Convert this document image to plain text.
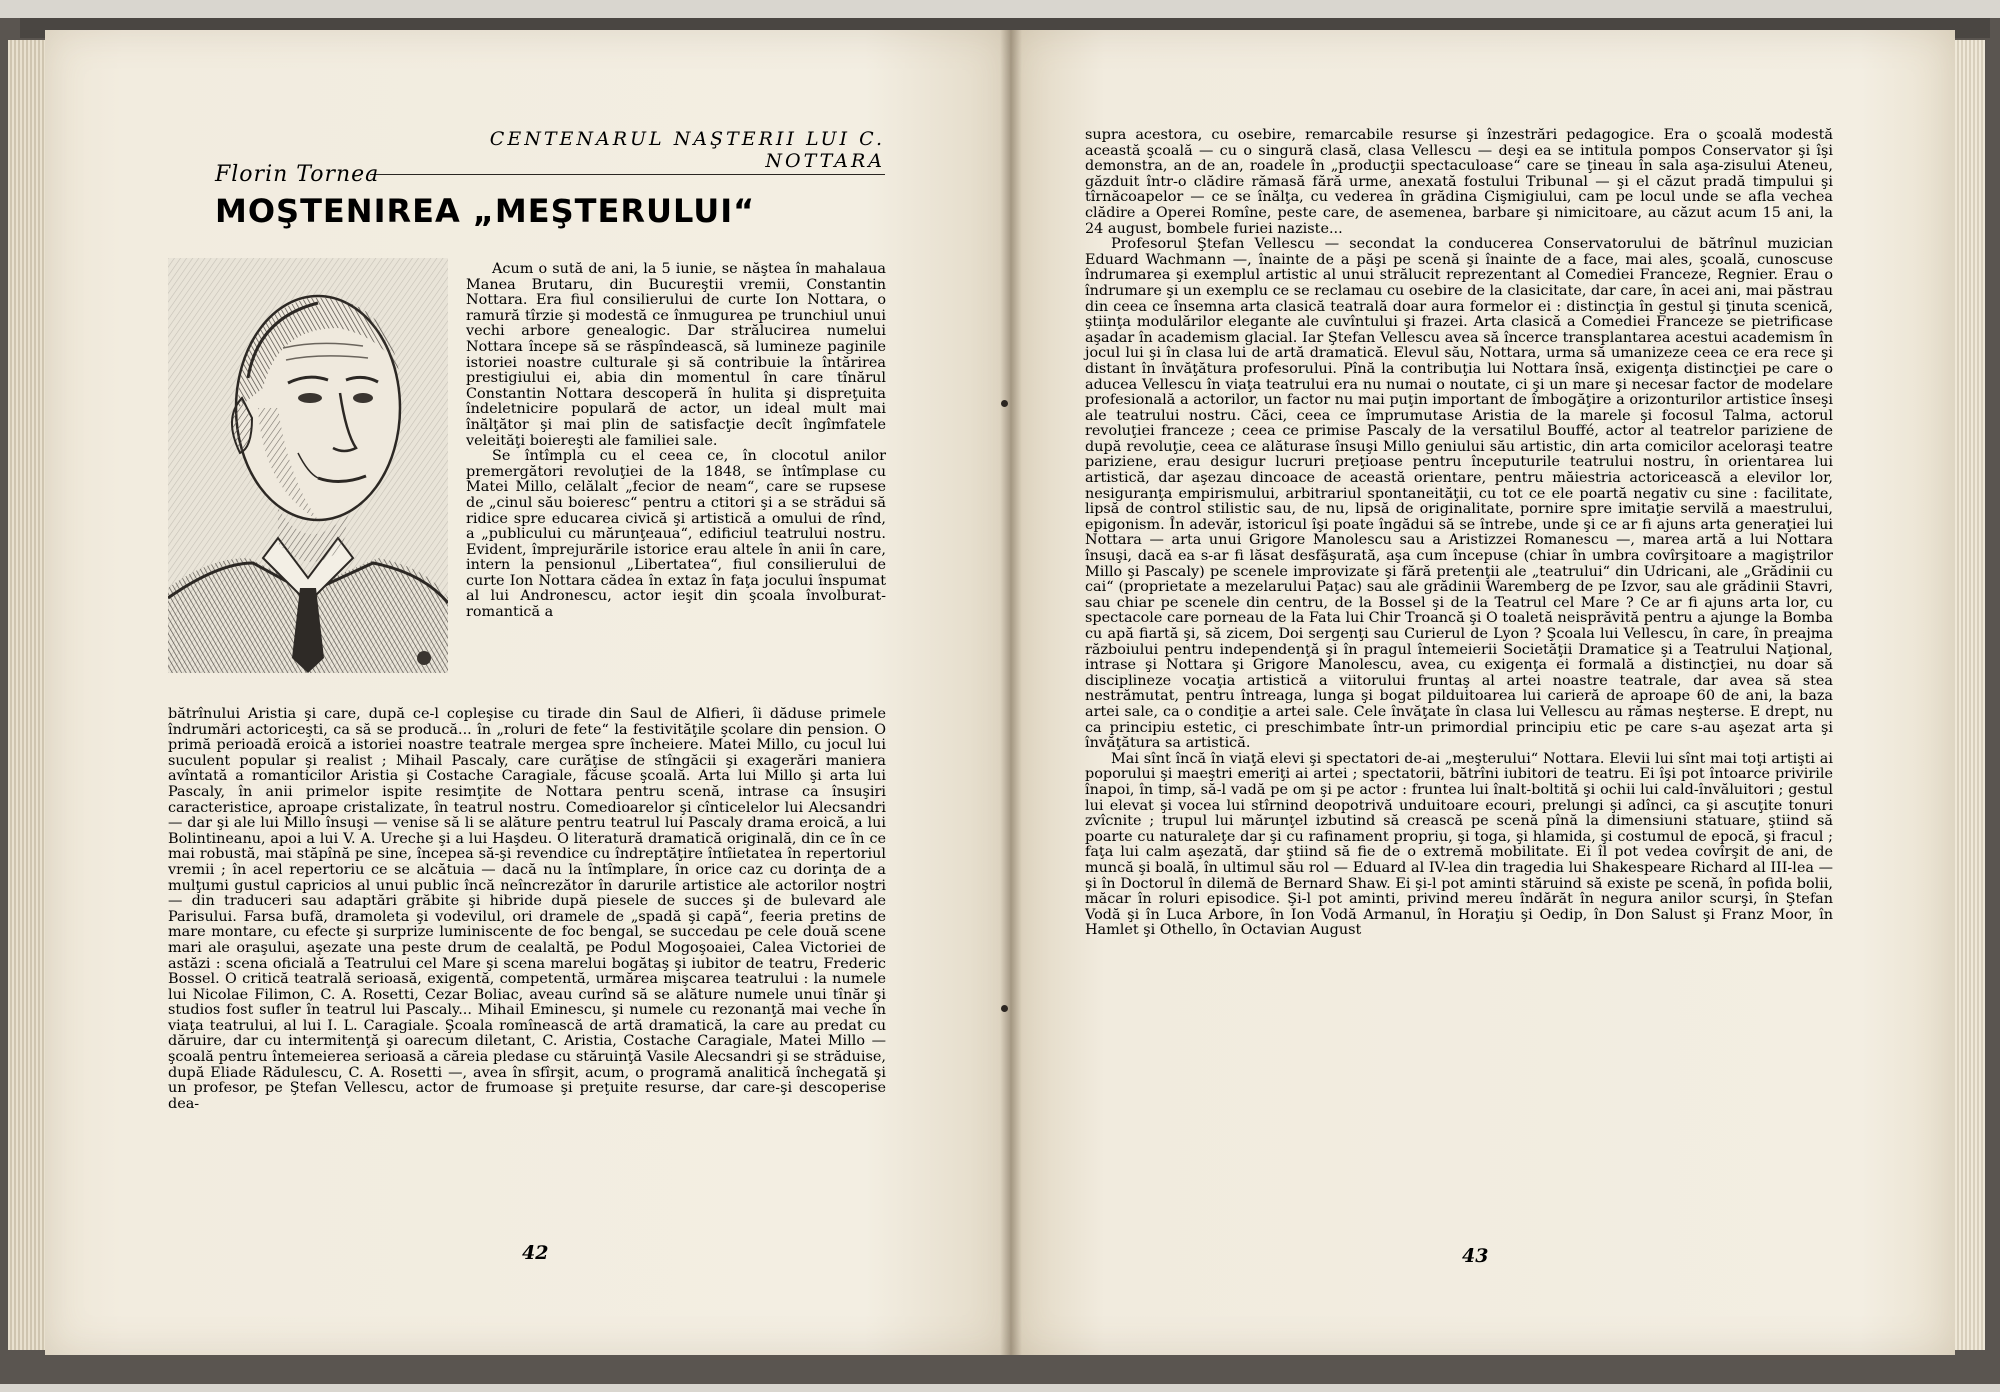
CENTENARUL NAŞTERII LUI C. NOTTARA
Florin Tornea
MOŞTENIREA „MEŞTERULUI“

Acum o sută de ani, la 5 iunie, se năştea în mahalaua Manea Brutaru, din Bucureştii vremii, Constantin Nottara. Era fiul consilierului de curte Ion Nottara, o ramură tîrzie şi modestă ce înmugurea pe trunchiul unui vechi arbore genealogic. Dar strălucirea numelui Nottara începe să se răspîndească, să lumineze paginile istoriei noastre culturale şi să contribuie la întărirea prestigiului ei, abia din momentul în care tînărul Constantin Nottara descoperă în hulita şi dispreţuita îndeletnicire populară de actor, un ideal mult mai înălţător şi mai plin de satisfacţie decît îngîmfatele veleităţi boiereşti ale familiei sale.

Se întîmpla cu el ceea ce, în clocotul anilor premergători revoluţiei de la 1848, se întîmplase cu Matei Millo, celălalt „fecior de neam“, care se rupsese de „cinul său boieresc“ pentru a ctitori şi a se strădui să ridice spre educarea civică şi artistică a omului de rînd, a „publicului cu mărunţeaua“, edificiul teatrului nostru. Evident, împrejurările istorice erau altele în anii în care, intern la pensionul „Libertatea“, fiul consilierului de curte Ion Nottara cădea în extaz în faţa jocului înspumat al lui Andronescu, actor ieşit din şcoala învolburat-romantică a

bătrînului Aristia şi care, după ce-l copleşise cu tirade din Saul de Alfieri, îi dăduse primele îndrumări actoriceşti, ca să se producă... în „roluri de fete“ la festivităţile şcolare din pension. O primă perioadă eroică a istoriei noastre teatrale mergea spre încheiere. Matei Millo, cu jocul lui suculent popular şi realist ; Mihail Pascaly, care curăţise de stîngăcii şi exagerări maniera avîntată a romanticilor Aristia şi Costache Caragiale, făcuse şcoală. Arta lui Millo şi arta lui Pascaly, în anii primelor ispite resimţite de Nottara pentru scenă, intrase ca însuşiri caracteristice, aproape cristalizate, în teatrul nostru. Comedioarelor şi cînticelelor lui Alecsandri — dar şi ale lui Millo însuşi — venise să li se alăture pentru teatrul lui Pascaly drama eroică, a lui Bolintineanu, apoi a lui V. A. Ureche şi a lui Haşdeu. O literatură dramatică originală, din ce în ce mai robustă, mai stăpînă pe sine, începea să-şi revendice cu îndreptăţire întîietatea în repertoriul vremii ; în acel repertoriu ce se alcătuia — dacă nu la întîmplare, în orice caz cu dorinţa de a mulţumi gustul capricios al unui public încă neîncrezător în darurile artistice ale actorilor noştri — din traduceri sau adaptări grăbite şi hibride după piesele de succes şi de bulevard ale Parisului. Farsa bufă, dramoleta şi vodevilul, ori dramele de „spadă şi capă“, feeria pretins de mare montare, cu efecte şi surprize luminiscente de foc bengal, se succedau pe cele două scene mari ale oraşului, aşezate una peste drum de cealaltă, pe Podul Mogoşoaiei, Calea Victoriei de astăzi : scena oficială a Teatrului cel Mare şi scena marelui bogătaş şi iubitor de teatru, Frederic Bossel. O critică teatrală serioasă, exigentă, competentă, urmărea mişcarea teatrului : la numele lui Nicolae Filimon, C. A. Rosetti, Cezar Boliac, aveau curînd să se alăture numele unui tînăr şi studios fost sufler în teatrul lui Pascaly... Mihail Eminescu, şi numele cu rezonanţă mai veche în viaţa teatrului, al lui I. L. Caragiale. Şcoala romînească de artă dramatică, la care au predat cu dăruire, dar cu intermitenţă şi oarecum diletant, C. Aristia, Costache Caragiale, Matei Millo — şcoală pentru întemeierea serioasă a căreia pledase cu stăruinţă Vasile Alecsandri şi se străduise, după Eliade Rădulescu, C. A. Rosetti —, avea în sfîrşit, acum, o programă analitică închegată şi un profesor, pe Ştefan Vellescu, actor de frumoase şi preţuite resurse, dar care-şi descoperise dea-

42

supra acestora, cu osebire, remarcabile resurse şi înzestrări pedagogice. Era o şcoală modestă această şcoală — cu o singură clasă, clasa Vellescu — deşi ea se intitula pompos Conservator şi îşi demonstra, an de an, roadele în „producţii spectaculoase“ care se ţineau în sala aşa-zisului Ateneu, găzduit într-o clădire rămasă fără urme, anexată fostului Tribunal — şi el căzut pradă timpului şi tîrnăcoapelor — ce se înălţa, cu vederea în grădina Cişmigiului, cam pe locul unde se afla vechea clădire a Operei Romîne, peste care, de asemenea, barbare şi nimicitoare, au căzut acum 15 ani, la 24 august, bombele furiei naziste...

Profesorul Ştefan Vellescu — secondat la conducerea Conservatorului de bătrînul muzician Eduard Wachmann —, înainte de a păşi pe scenă şi înainte de a face, mai ales, şcoală, cunoscuse îndrumarea şi exemplul artistic al unui strălucit reprezentant al Comediei Franceze, Regnier. Erau o îndrumare şi un exemplu ce se reclamau cu osebire de la clasicitate, dar care, în acei ani, mai păstrau din ceea ce însemna arta clasică teatrală doar aura formelor ei : distincţia în gestul şi ţinuta scenică, ştiinţa modulărilor elegante ale cuvîntului şi frazei. Arta clasică a Comediei Franceze se pietrificase aşadar în academism glacial. Iar Ştefan Vellescu avea să încerce transplantarea acestui academism în jocul lui şi în clasa lui de artă dramatică. Elevul său, Nottara, urma să umanizeze ceea ce era rece şi distant în învăţătura profesorului. Pînă la contribuţia lui Nottara însă, exigenţa distincţiei pe care o aducea Vellescu în viaţa teatrului era nu numai o noutate, ci şi un mare şi necesar factor de modelare profesională a actorilor, un factor nu mai puţin important de îmbogăţire a orizonturilor artistice înseşi ale teatrului nostru. Căci, ceea ce împrumutase Aristia de la marele şi focosul Talma, actorul revoluţiei franceze ; ceea ce primise Pascaly de la versatilul Bouffé, actor al teatrelor pariziene de după revoluţie, ceea ce alăturase însuşi Millo geniului său artistic, din arta comicilor aceloraşi teatre pariziene, erau desigur lucruri preţioase pentru începuturile teatrului nostru, în orientarea lui artistică, dar aşezau dincoace de această orientare, pentru măiestria actoricească a elevilor lor, nesiguranţa empirismului, arbitrariul spontaneităţii, cu tot ce ele poartă negativ cu sine : facilitate, lipsă de control stilistic sau, de nu, lipsă de originalitate, pornire spre imitaţie servilă a maestrului, epigonism. În adevăr, istoricul îşi poate îngădui să se întrebe, unde şi ce ar fi ajuns arta generaţiei lui Nottara — arta unui Grigore Manolescu sau a Aristizzei Romanescu —, marea artă a lui Nottara însuşi, dacă ea s-ar fi lăsat desfăşurată, aşa cum începuse (chiar în umbra covîrşitoare a magiştrilor Millo şi Pascaly) pe scenele improvizate şi fără pretenţii ale „teatrului“ din Udricani, ale „Grădinii cu cai“ (proprietate a mezelarului Paţac) sau ale grădinii Waremberg de pe Izvor, sau ale grădinii Stavri, sau chiar pe scenele din centru, de la Bossel şi de la Teatrul cel Mare ? Ce ar fi ajuns arta lor, cu spectacole care porneau de la Fata lui Chir Troancă şi O toaletă neisprăvită pentru a ajunge la Bomba cu apă fiartă şi, să zicem, Doi sergenţi sau Curierul de Lyon ? Şcoala lui Vellescu, în care, în preajma războiului pentru independenţă şi în pragul întemeierii Societăţii Dramatice şi a Teatrului Naţional, intrase şi Nottara şi Grigore Manolescu, avea, cu exigenţa ei formală a distincţiei, nu doar să disciplineze vocaţia artistică a viitorului fruntaş al artei noastre teatrale, dar avea să stea nestrămutat, pentru întreaga, lunga şi bogat pilduitoarea lui carieră de aproape 60 de ani, la baza artei sale, ca o condiţie a artei sale. Cele învăţate în clasa lui Vellescu au rămas neşterse. E drept, nu ca principiu estetic, ci preschimbate într-un primordial principiu etic pe care s-au aşezat arta şi învăţătura sa artistică.

Mai sînt încă în viaţă elevi şi spectatori de-ai „meşterului“ Nottara. Elevii lui sînt mai toţi artişti ai poporului şi maeştri emeriţi ai artei ; spectatorii, bătrîni iubitori de teatru. Ei îşi pot întoarce privirile înapoi, în timp, să-l vadă pe om şi pe actor : fruntea lui înalt-boltită şi ochii lui cald-învăluitori ; gestul lui elevat şi vocea lui stîrnind deopotrivă unduitoare ecouri, prelungi şi adînci, ca şi ascuţite tonuri zvîcnite ; trupul lui mărunţel izbutind să crească pe scenă pînă la dimensiuni statuare, ştiind să poarte cu naturaleţe dar şi cu rafinament propriu, şi toga, şi hlamida, şi costumul de epocă, şi fracul ; faţa lui calm aşezată, dar ştiind să fie de o extremă mobilitate. Ei îl pot vedea covîrşit de ani, de muncă şi boală, în ultimul său rol — Eduard al IV-lea din tragedia lui Shakespeare Richard al III-lea — şi în Doctorul în dilemă de Bernard Shaw. Ei şi-l pot aminti stăruind să existe pe scenă, în pofida bolii, măcar în roluri episodice. Şi-l pot aminti, privind mereu îndărăt în negura anilor scurşi, în Ştefan Vodă şi în Luca Arbore, în Ion Vodă Armanul, în Horaţiu şi Oedip, în Don Salust şi Franz Moor, în Hamlet şi Othello, în Octavian August

43
